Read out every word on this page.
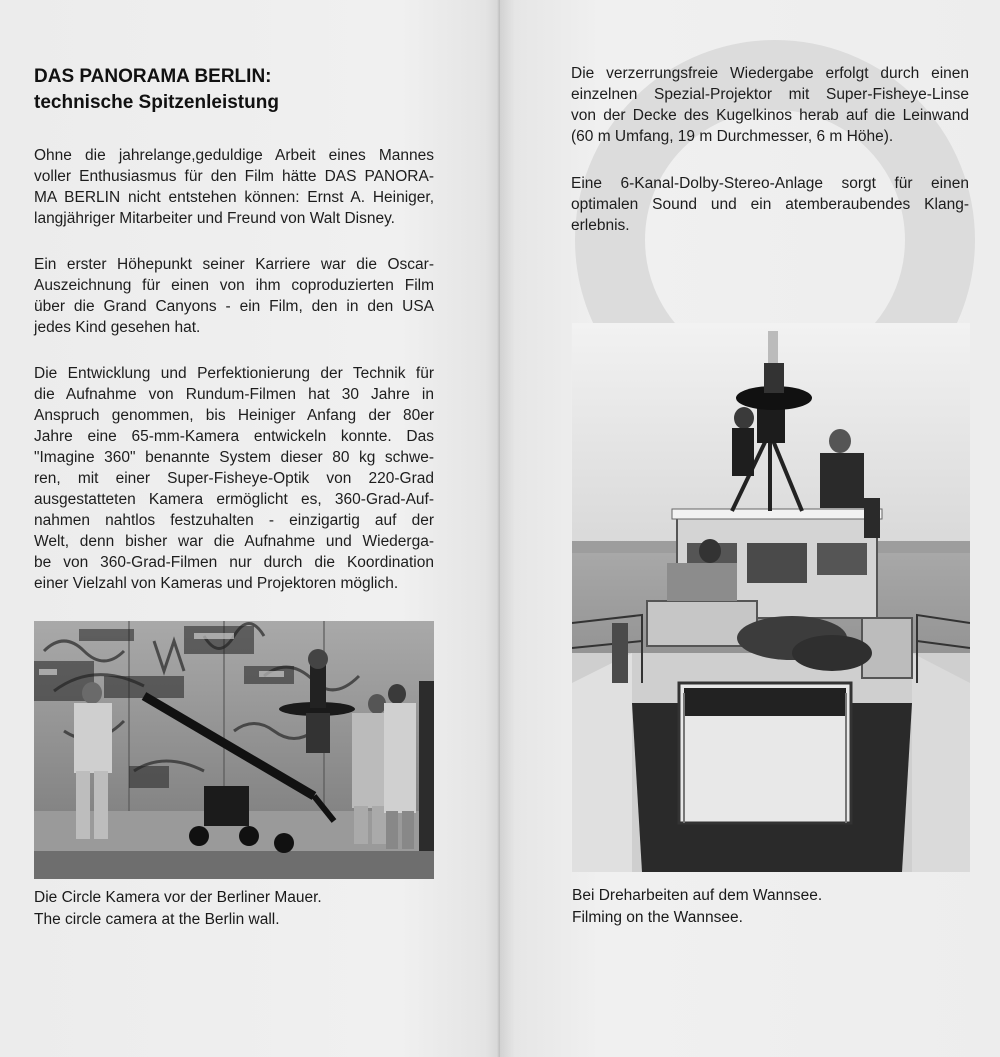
DAS PANORAMA BERLIN:
technische Spitzenleistung
Ohne die jahrelange,geduldige Arbeit eines Mannes
voller Enthusiasmus für den Film hätte DAS PANORA-
MA BERLIN nicht entstehen können: Ernst A. Heiniger,
langjähriger Mitarbeiter und Freund von Walt Disney.
Ein erster Höhepunkt seiner Karriere war die Oscar-
Auszeichnung für einen von ihm coproduzierten Film
über die Grand Canyons - ein Film, den in den USA
jedes Kind gesehen hat.
Die Entwicklung und Perfektionierung der Technik für
die Aufnahme von Rundum-Filmen hat 30 Jahre in
Anspruch genommen, bis Heiniger Anfang der 80er
Jahre eine 65-mm-Kamera entwickeln konnte. Das
"Imagine 360" benannte System dieser 80 kg schwe-
ren, mit einer Super-Fisheye-Optik von 220-Grad
ausgestatteten Kamera ermöglicht es, 360-Grad-Auf-
nahmen nahtlos festzuhalten - einzigartig auf der
Welt, denn bisher war die Aufnahme und Wiederga-
be von 360-Grad-Filmen nur durch die Koordination
einer Vielzahl von Kameras und Projektoren möglich.
Die Circle Kamera vor der Berliner Mauer.
The circle camera at the Berlin wall.
Die verzerrungsfreie Wiedergabe erfolgt durch einen
einzelnen Spezial-Projektor mit Super-Fisheye-Linse
von der Decke des Kugelkinos herab auf die Leinwand
(60 m Umfang, 19 m Durchmesser, 6 m Höhe).
Eine 6-Kanal-Dolby-Stereo-Anlage sorgt für einen
optimalen Sound und ein atemberaubendes Klang-
erlebnis.
Bei Dreharbeiten auf dem Wannsee.
Filming on the Wannsee.
